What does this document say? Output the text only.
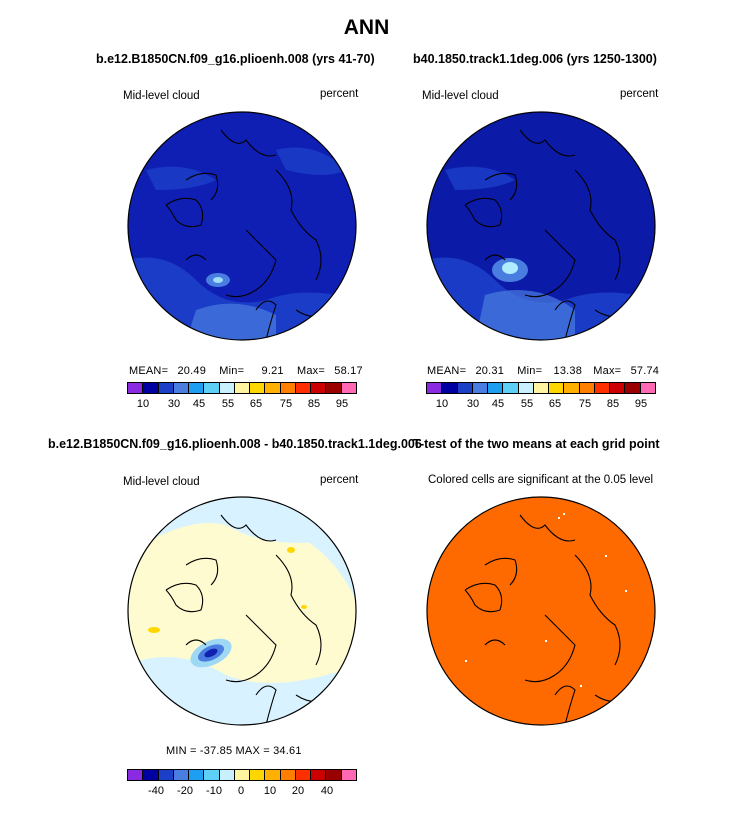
ANN
b.e12.B1850CN.f09_g16.plioenh.008 (yrs 41-70)	b40.1850.track1.1deg.006 (yrs 1250-1300)
b.e12.B1850CN.f09_g16.plioenh.008 - b40.1850.track1.1deg.006
T-test of the two means at each grid point
Mid-level cloud	percent	Mid-level cloud	percent
Mid-level cloud	percent	Colored cells are significant at the 0.05 level
MEAN= 20.49 Min= 9.21 Max= 58.17	MEAN= 20.31 Min= 13.38 Max= 57.74
MIN = -37.85 MAX = 34.61
10	30	45	55	65	75	85	95	10	30	45	55	65	75	85	95
-40	-20	-10	0	10	20	40
